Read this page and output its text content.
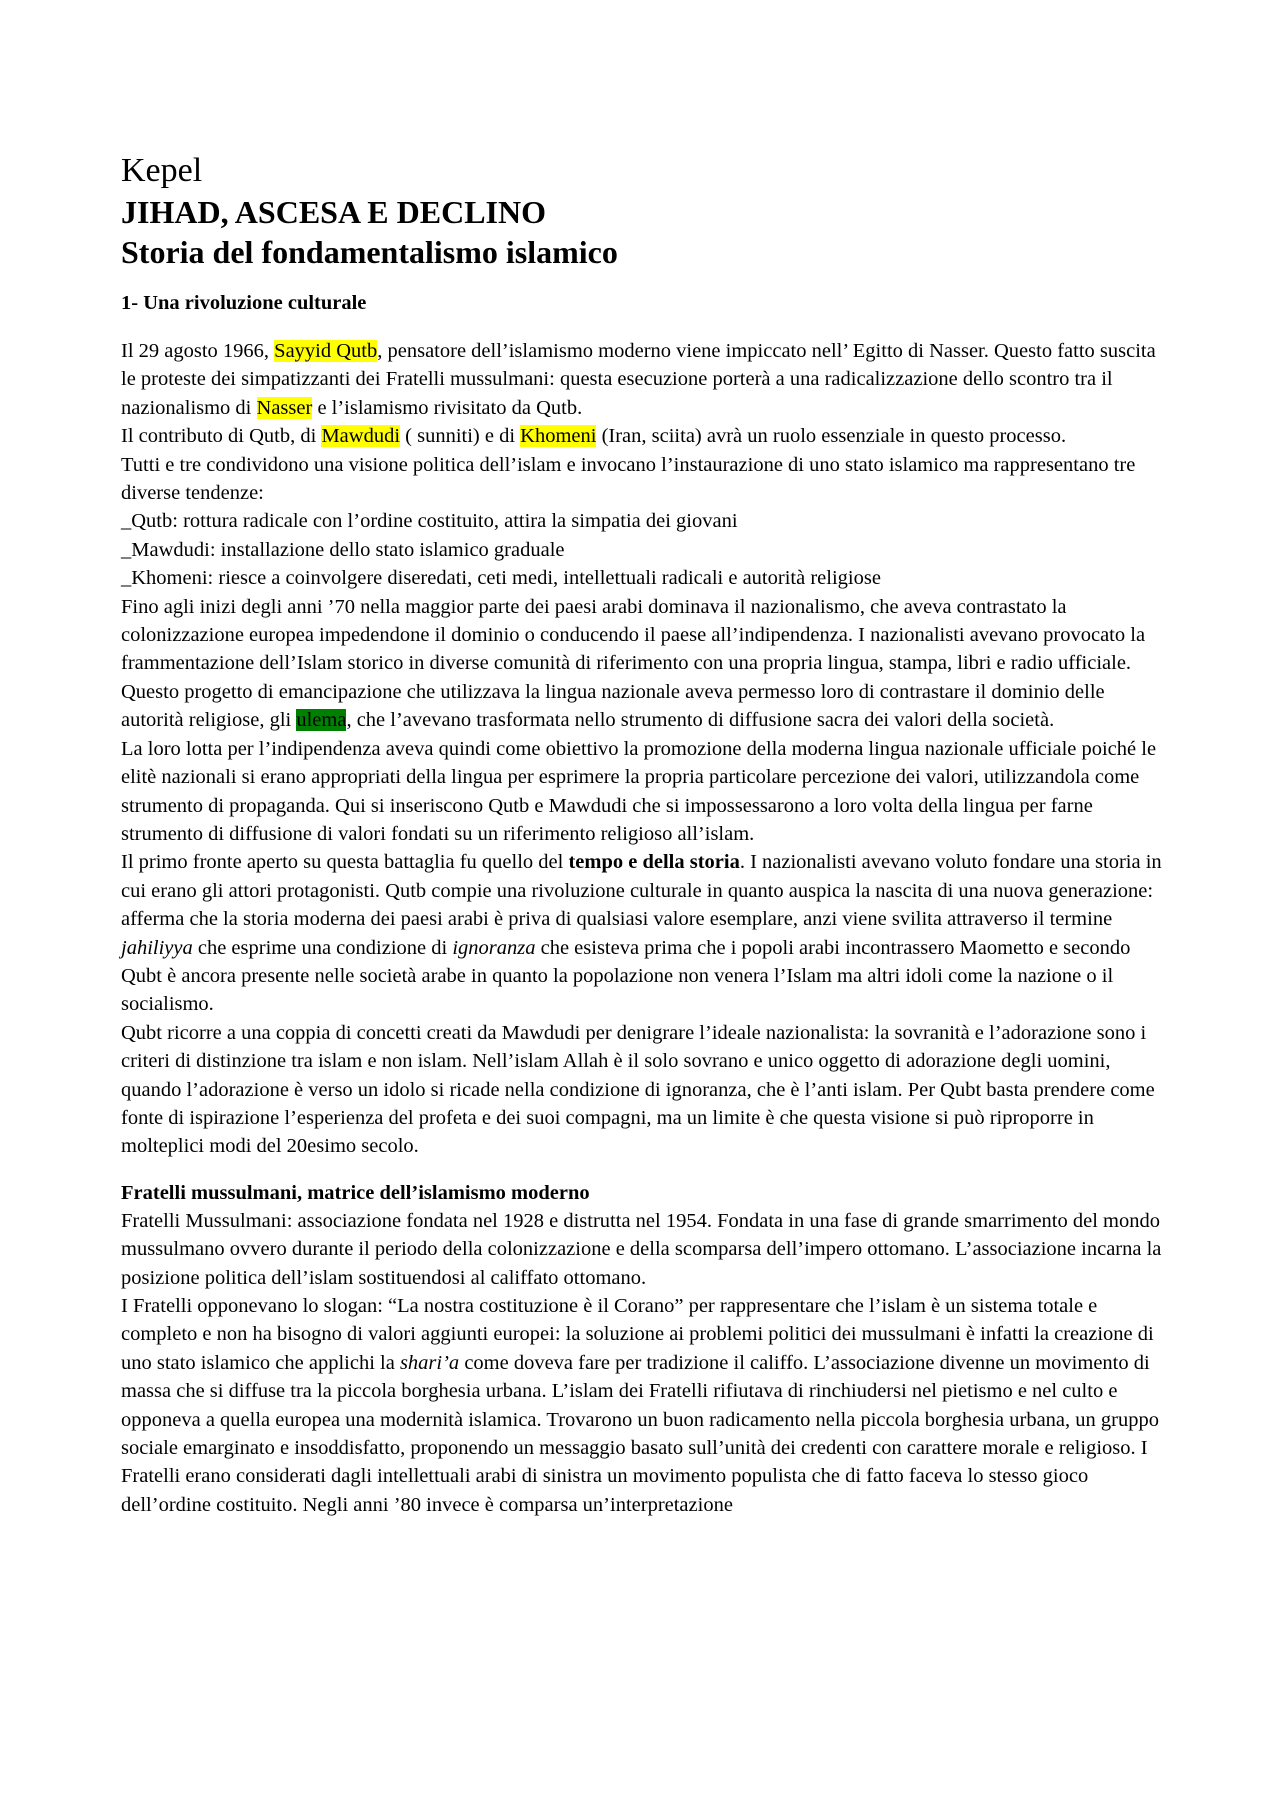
Kepel
JIHAD, ASCESA E DECLINO
Storia del fondamentalismo islamico
1- Una rivoluzione culturale

Il 29 agosto 1966, Sayyid Qutb, pensatore dell’islamismo moderno viene impiccato nell’ Egitto di Nasser. Questo fatto suscita le proteste dei simpatizzanti dei Fratelli mussulmani: questa esecuzione porterà a una radicalizzazione dello scontro tra il nazionalismo di Nasser e l’islamismo rivisitato da Qutb.

Il contributo di Qutb, di Mawdudi ( sunniti) e di Khomeni (Iran, sciita) avrà un ruolo essenziale in questo processo.

Tutti e tre condividono una visione politica dell’islam e invocano l’instaurazione di uno stato islamico ma rappresentano tre diverse tendenze:

_Qutb: rottura radicale con l’ordine costituito, attira la simpatia dei giovani

_Mawdudi: installazione dello stato islamico graduale

_Khomeni: riesce a coinvolgere diseredati, ceti medi, intellettuali radicali e autorità religiose

Fino agli inizi degli anni ’70 nella maggior parte dei paesi arabi dominava il nazionalismo, che aveva contrastato la colonizzazione europea impedendone il dominio o conducendo il paese all’indipendenza. I nazionalisti avevano provocato la frammentazione dell’Islam storico in diverse comunità di riferimento con una propria lingua, stampa, libri e radio ufficiale. Questo progetto di emancipazione che utilizzava la lingua nazionale aveva permesso loro di contrastare il dominio delle autorità religiose, gli ulema, che l’avevano trasformata nello strumento di diffusione sacra dei valori della società.

La loro lotta per l’indipendenza aveva quindi come obiettivo la promozione della moderna lingua nazionale ufficiale poiché le elitè nazionali si erano appropriati della lingua per esprimere la propria particolare percezione dei valori, utilizzandola come strumento di propaganda. Qui si inseriscono Qutb e Mawdudi che si impossessarono a loro volta della lingua per farne strumento di diffusione di valori fondati su un riferimento religioso all’islam.

Il primo fronte aperto su questa battaglia fu quello del tempo e della storia. I nazionalisti avevano voluto fondare una storia in cui erano gli attori protagonisti. Qutb compie una rivoluzione culturale in quanto auspica la nascita di una nuova generazione: afferma che la storia moderna dei paesi arabi è priva di qualsiasi valore esemplare, anzi viene svilita attraverso il termine jahiliyya che esprime una condizione di ignoranza che esisteva prima che i popoli arabi incontrassero Maometto e secondo Qubt è ancora presente nelle società arabe in quanto la popolazione non venera l’Islam ma altri idoli come la nazione o il socialismo.

Qubt ricorre a una coppia di concetti creati da Mawdudi per denigrare l’ideale nazionalista: la sovranità e l’adorazione sono i criteri di distinzione tra islam e non islam. Nell’islam Allah è il solo sovrano e unico oggetto di adorazione degli uomini, quando l’adorazione è verso un idolo si ricade nella condizione di ignoranza, che è l’anti islam. Per Qubt basta prendere come fonte di ispirazione l’esperienza del profeta e dei suoi compagni, ma un limite è che questa visione si può riproporre in molteplici modi del 20esimo secolo.

Fratelli mussulmani, matrice dell’islamismo moderno

Fratelli Mussulmani: associazione fondata nel 1928 e distrutta nel 1954. Fondata in una fase di grande smarrimento del mondo mussulmano ovvero durante il periodo della colonizzazione e della scomparsa dell’impero ottomano. L’associazione incarna la posizione politica dell’islam sostituendosi al califfato ottomano.

I Fratelli opponevano lo slogan: “La nostra costituzione è il Corano” per rappresentare che l’islam è un sistema totale e completo e non ha bisogno di valori aggiunti europei: la soluzione ai problemi politici dei mussulmani è infatti la creazione di uno stato islamico che applichi la shari’a come doveva fare per tradizione il califfo. L’associazione divenne un movimento di massa che si diffuse tra la piccola borghesia urbana. L’islam dei Fratelli rifiutava di rinchiudersi nel pietismo e nel culto e opponeva a quella europea una modernità islamica. Trovarono un buon radicamento nella piccola borghesia urbana, un gruppo sociale emarginato e insoddisfatto, proponendo un messaggio basato sull’unità dei credenti con carattere morale e religioso. I Fratelli erano considerati dagli intellettuali arabi di sinistra un movimento populista che di fatto faceva lo stesso gioco dell’ordine costituito. Negli anni ’80 invece è comparsa un’interpretazione
